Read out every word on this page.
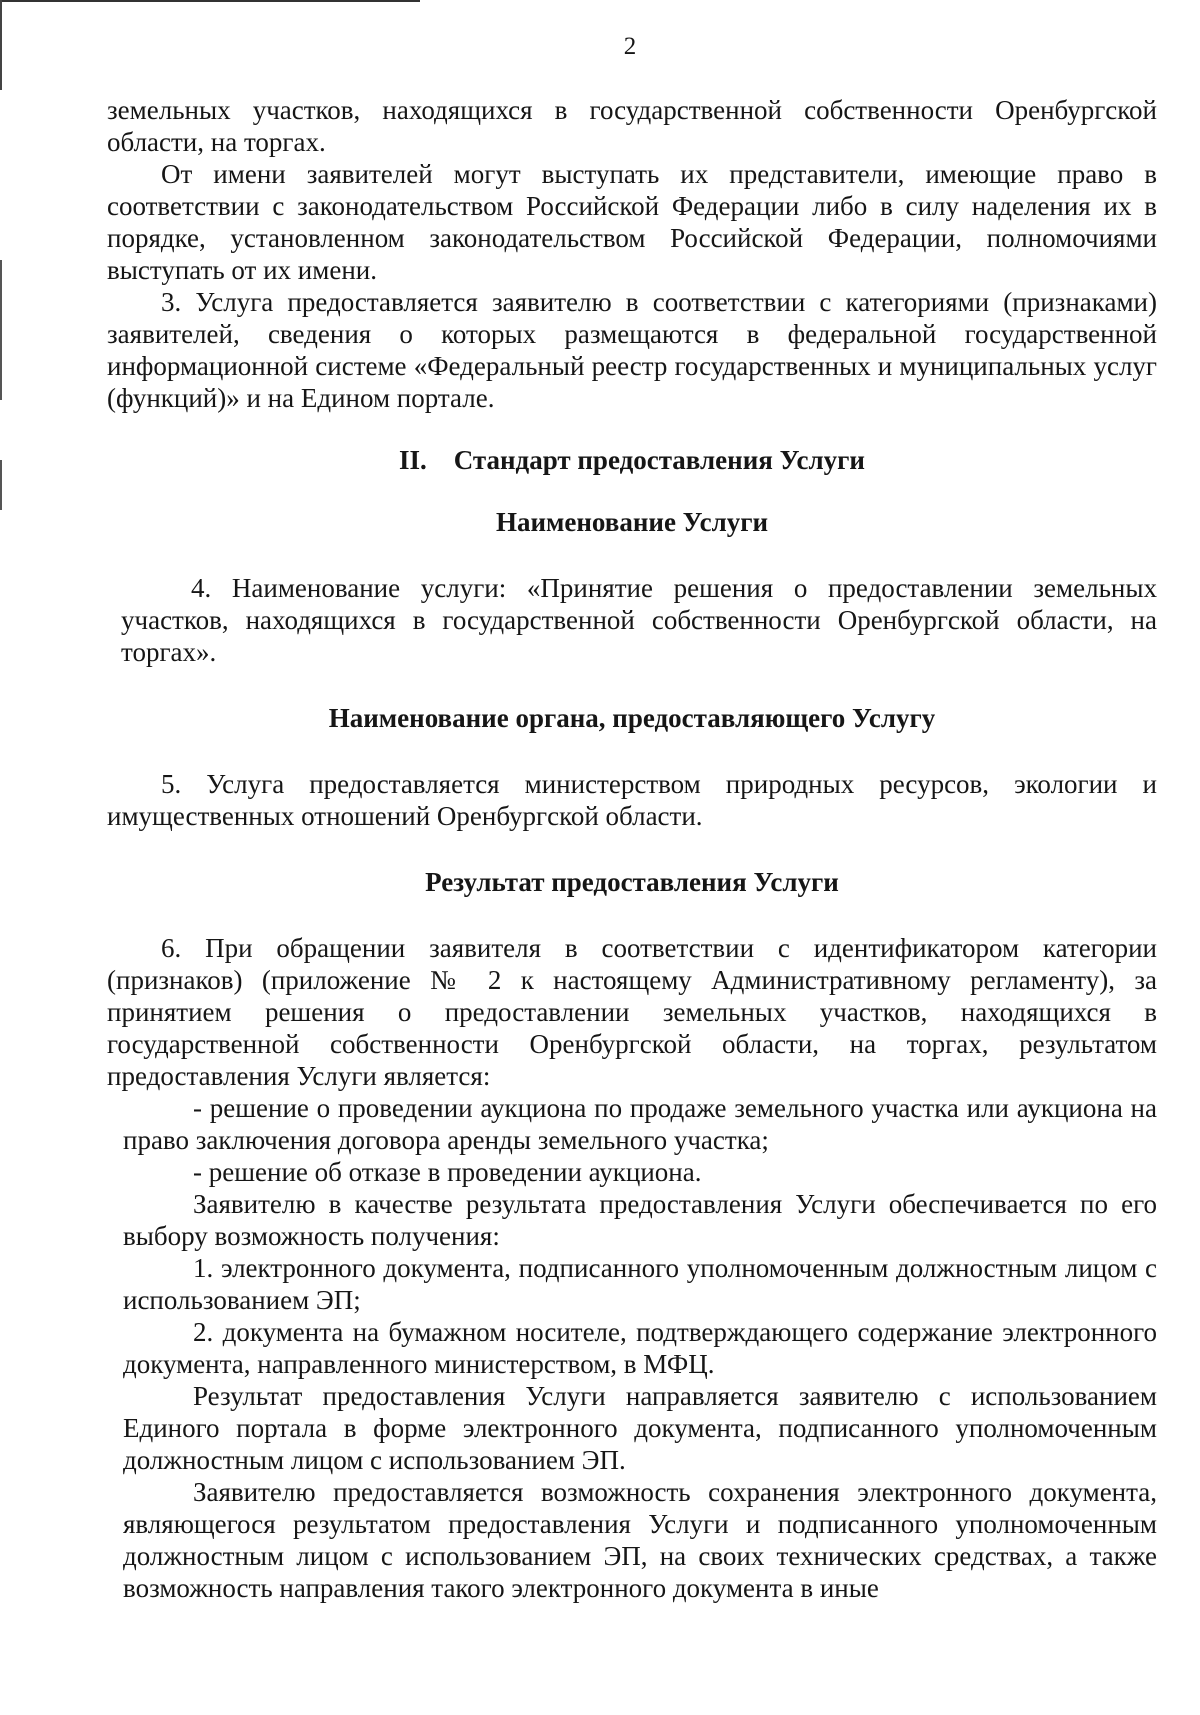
2

земельных участков, находящихся в государственной собственности Оренбургской области, на торгах.

От имени заявителей могут выступать их представители, имеющие право в соответствии с законодательством Российской Федерации либо в силу наделения их в порядке, установленном законодательством Российской Федерации, полномочиями выступать от их имени.

3. Услуга предоставляется заявителю в соответствии с категориями (признаками) заявителей, сведения о которых размещаются в федеральной государственной информационной системе «Федеральный реестр государственных и муниципальных услуг (функций)» и на Едином портале.

II.    Стандарт предоставления Услуги
Наименование Услуги

4. Наименование услуги: «Принятие решения о предоставлении земельных участков, находящихся в государственной собственности Оренбургской области, на торгах».

Наименование органа, предоставляющего Услугу

5. Услуга предоставляется министерством природных ресурсов, экологии и имущественных отношений Оренбургской области.

Результат предоставления Услуги

6. При обращении заявителя в соответствии с идентификатором категории (признаков) (приложение № 2 к настоящему Административному регламенту), за принятием решения о предоставлении земельных участков, находящихся в государственной собственности Оренбургской области, на торгах, результатом предоставления Услуги является:

- решение о проведении аукциона по продаже земельного участка или аукциона на право заключения договора аренды земельного участка;

- решение об отказе в проведении аукциона.

Заявителю в качестве результата предоставления Услуги обеспечивается по его выбору возможность получения:

1. электронного документа, подписанного уполномоченным должностным лицом с использованием ЭП;

2. документа на бумажном носителе, подтверждающего содержание электронного документа, направленного министерством, в МФЦ.

Результат предоставления Услуги направляется заявителю с использованием Единого портала в форме электронного документа, подписанного уполномоченным должностным лицом с использованием ЭП.

Заявителю предоставляется возможность сохранения электронного документа, являющегося результатом предоставления Услуги и подписанного уполномоченным должностным лицом с использованием ЭП, на своих технических средствах, а также возможность направления такого электронного документа в иные
